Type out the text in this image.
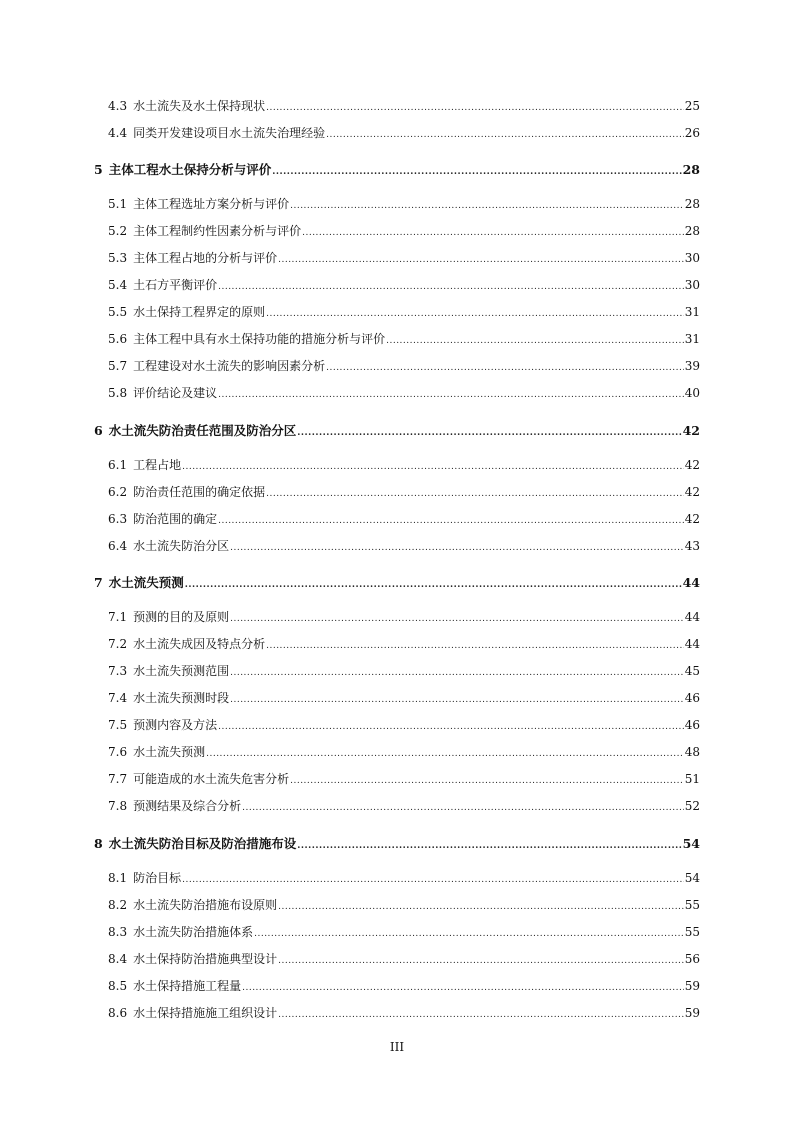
4.3 水土流失及水土保持现状 .....	25
4.4 同类开发建设项目水土流失治理经验 .....	26
5 主体工程水土保持分析与评价 .....	28
5.1 主体工程选址方案分析与评价 .....	28
5.2 主体工程制约性因素分析与评价 .....	28
5.3 主体工程占地的分析与评价 .....	30
5.4 土石方平衡评价 .....	30
5.5 水土保持工程界定的原则 .....	31
5.6 主体工程中具有水土保持功能的措施分析与评价 .....	31
5.7 工程建设对水土流失的影响因素分析 .....	39
5.8 评价结论及建议 .....	40
6 水土流失防治责任范围及防治分区 .....	42
6.1 工程占地 .....	42
6.2 防治责任范围的确定依据 .....	42
6.3 防治范围的确定 .....	42
6.4 水土流失防治分区 .....	43
7 水土流失预测 .....	44
7.1 预测的目的及原则 .....	44
7.2 水土流失成因及特点分析 .....	44
7.3 水土流失预测范围 .....	45
7.4 水土流失预测时段 .....	46
7.5 预测内容及方法 .....	46
7.6 水土流失预测 .....	48
7.7 可能造成的水土流失危害分析 .....	51
7.8 预测结果及综合分析 .....	52
8 水土流失防治目标及防治措施布设 .....	54
8.1 防治目标 .....	54
8.2 水土流失防治措施布设原则 .....	55
8.3 水土流失防治措施体系 .....	55
8.4 水土保持防治措施典型设计 .....	56
8.5 水土保持措施工程量 .....	59
8.6 水土保持措施施工组织设计 .....	59
III
